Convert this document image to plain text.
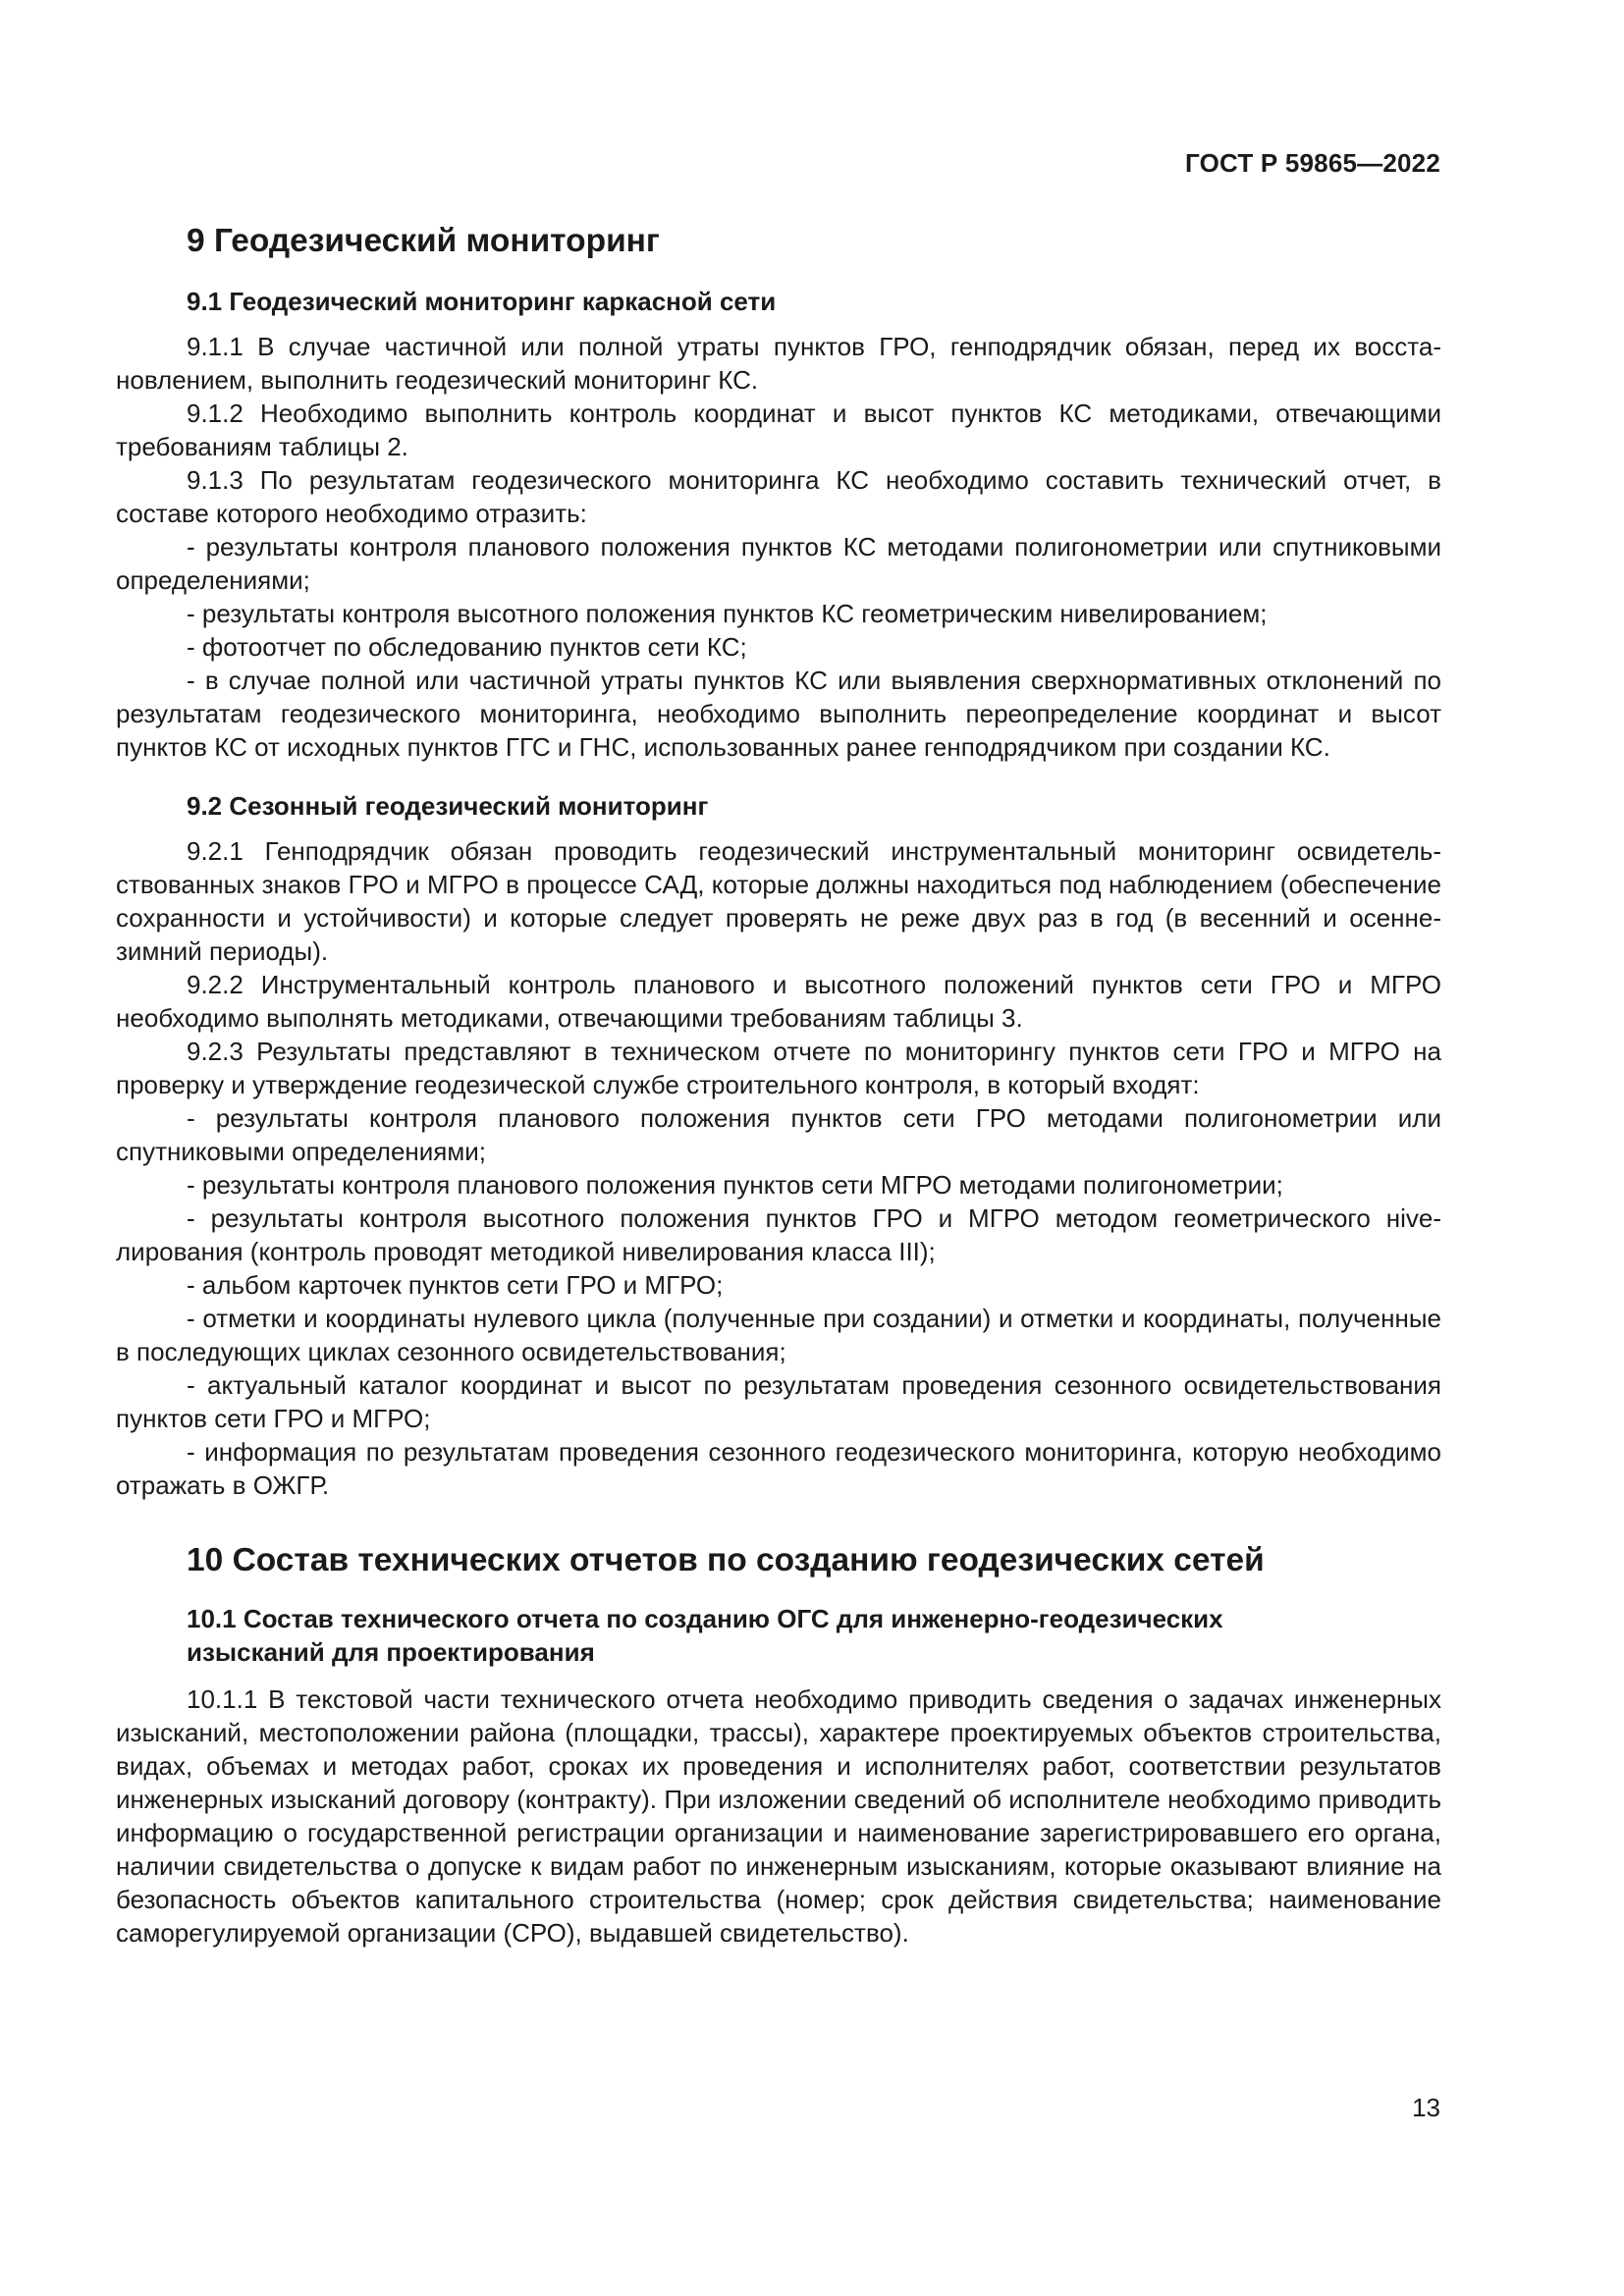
ГОСТ Р 59865—2022
9 Геодезический мониторинг
9.1 Геодезический мониторинг каркасной сети

9.1.1 В случае частичной или полной утраты пунктов ГРО, генподрядчик обязан, перед их восстановлением, выполнить геодезический мониторинг КС.

9.1.2 Необходимо выполнить контроль координат и высот пунктов КС методиками, отвечающими требованиям таблицы 2.

9.1.3 По результатам геодезического мониторинга КС необходимо составить технический отчет, в составе которого необходимо отразить:

- результаты контроля планового положения пунктов КС методами полигонометрии или спутниковыми определениями;

- результаты контроля высотного положения пунктов КС геометрическим нивелированием;

- фотоотчет по обследованию пунктов сети КС;

- в случае полной или частичной утраты пунктов КС или выявления сверхнормативных отклонений по результатам геодезического мониторинга, необходимо выполнить переопределение координат и высот пунктов КС от исходных пунктов ГГС и ГНС, использованных ранее генподрядчиком при создании КС.

9.2 Сезонный геодезический мониторинг

9.2.1 Генподрядчик обязан проводить геодезический инструментальный мониторинг освидетельствованных знаков ГРО и МГРО в процессе САД, которые должны находиться под наблюдением (обеспечение сохранности и устойчивости) и которые следует проверять не реже двух раз в год (в весенний и осенне-зимний периоды).

9.2.2 Инструментальный контроль планового и высотного положений пунктов сети ГРО и МГРО необходимо выполнять методиками, отвечающими требованиям таблицы 3.

9.2.3 Результаты представляют в техническом отчете по мониторингу пунктов сети ГРО и МГРО на проверку и утверждение геодезической службе строительного контроля, в который входят:

- результаты контроля планового положения пунктов сети ГРО методами полигонометрии или спутниковыми определениями;

- результаты контроля планового положения пунктов сети МГРО методами полигонометрии;

- результаты контроля высотного положения пунктов ГРО и МГРО методом геометрического нiveлирования (контроль проводят методикой нивелирования класса III);

- альбом карточек пунктов сети ГРО и МГРО;

- отметки и координаты нулевого цикла (полученные при создании) и отметки и координаты, полученные в последующих циклах сезонного освидетельствования;

- актуальный каталог координат и высот по результатам проведения сезонного освидетельствования пунктов сети ГРО и МГРО;

- информация по результатам проведения сезонного геодезического мониторинга, которую необходимо отражать в ОЖГР.

10 Состав технических отчетов по созданию геодезических сетей
10.1 Состав технического отчета по созданию ОГС для инженерно-геодезических изысканий для проектирования

10.1.1 В текстовой части технического отчета необходимо приводить сведения о задачах инженерных изысканий, местоположении района (площадки, трассы), характере проектируемых объектов строительства, видах, объемах и методах работ, сроках их проведения и исполнителях работ, соответствии результатов инженерных изысканий договору (контракту). При изложении сведений об исполнителе необходимо приводить информацию о государственной регистрации организации и наименование зарегистрировавшего его органа, наличии свидетельства о допуске к видам работ по инженерным изысканиям, которые оказывают влияние на безопасность объектов капитального строительства (номер; срок действия свидетельства; наименование саморегулируемой организации (СРО), выдавшей свидетельство).

13
